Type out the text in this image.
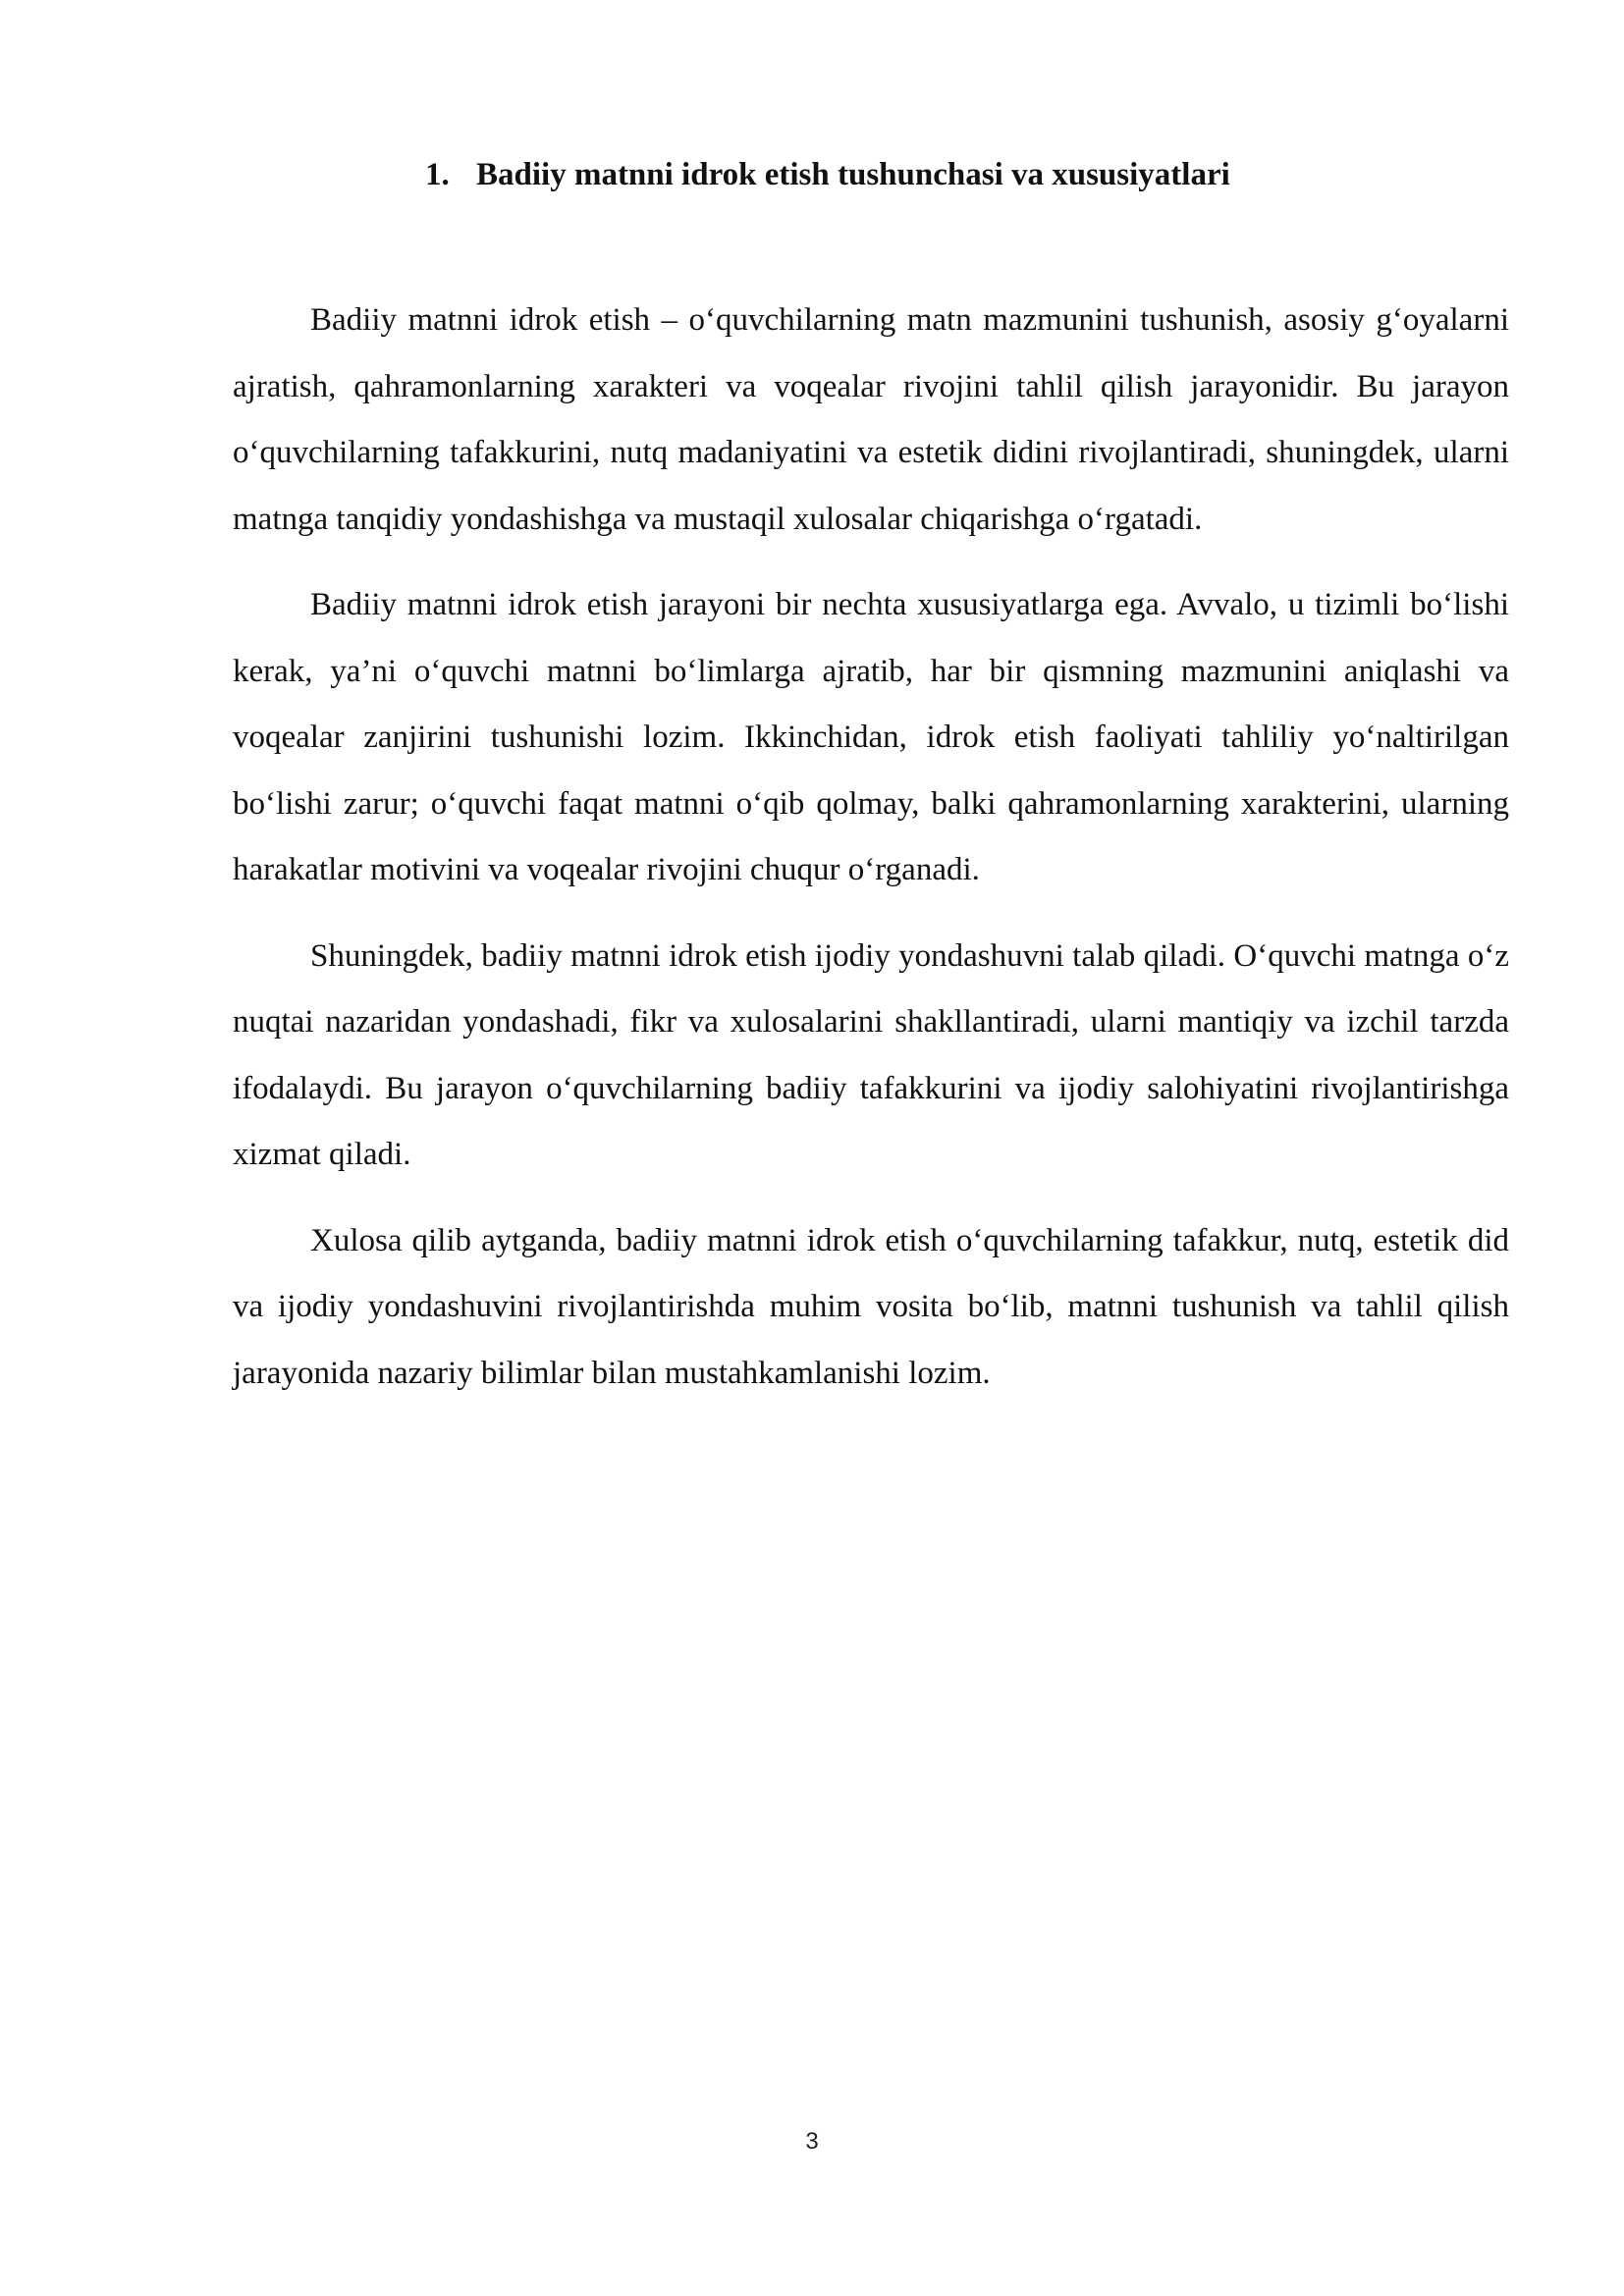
1. Badiiy matnni idrok etish tushunchasi va xususiyatlari

Badiiy matnni idrok etish – o‘quvchilarning matn mazmunini tushunish, asosiy g‘oyalarni ajratish, qahramonlarning xarakteri va voqealar rivojini tahlil qilish jarayonidir. Bu jarayon o‘quvchilarning tafakkurini, nutq madaniyatini va estetik didini rivojlantiradi, shuningdek, ularni matnga tanqidiy yondashishga va mustaqil xulosalar chiqarishga o‘rgatadi.

Badiiy matnni idrok etish jarayoni bir nechta xususiyatlarga ega. Avvalo, u tizimli bo‘lishi kerak, ya’ni o‘quvchi matnni bo‘limlarga ajratib, har bir qismning mazmunini aniqlashi va voqealar zanjirini tushunishi lozim. Ikkinchidan, idrok etish faoliyati tahliliy yo‘naltirilgan bo‘lishi zarur; o‘quvchi faqat matnni o‘qib qolmay, balki qahramonlarning xarakterini, ularning harakatlar motivini va voqealar rivojini chuqur o‘rganadi.

Shuningdek, badiiy matnni idrok etish ijodiy yondashuvni talab qiladi. O‘quvchi matnga o‘z nuqtai nazaridan yondashadi, fikr va xulosalarini shakllantiradi, ularni mantiqiy va izchil tarzda ifodalaydi. Bu jarayon o‘quvchilarning badiiy tafakkurini va ijodiy salohiyatini rivojlantirishga xizmat qiladi.

Xulosa qilib aytganda, badiiy matnni idrok etish o‘quvchilarning tafakkur, nutq, estetik did va ijodiy yondashuvini rivojlantirishda muhim vosita bo‘lib, matnni tushunish va tahlil qilish jarayonida nazariy bilimlar bilan mustahkamlanishi lozim.

3
